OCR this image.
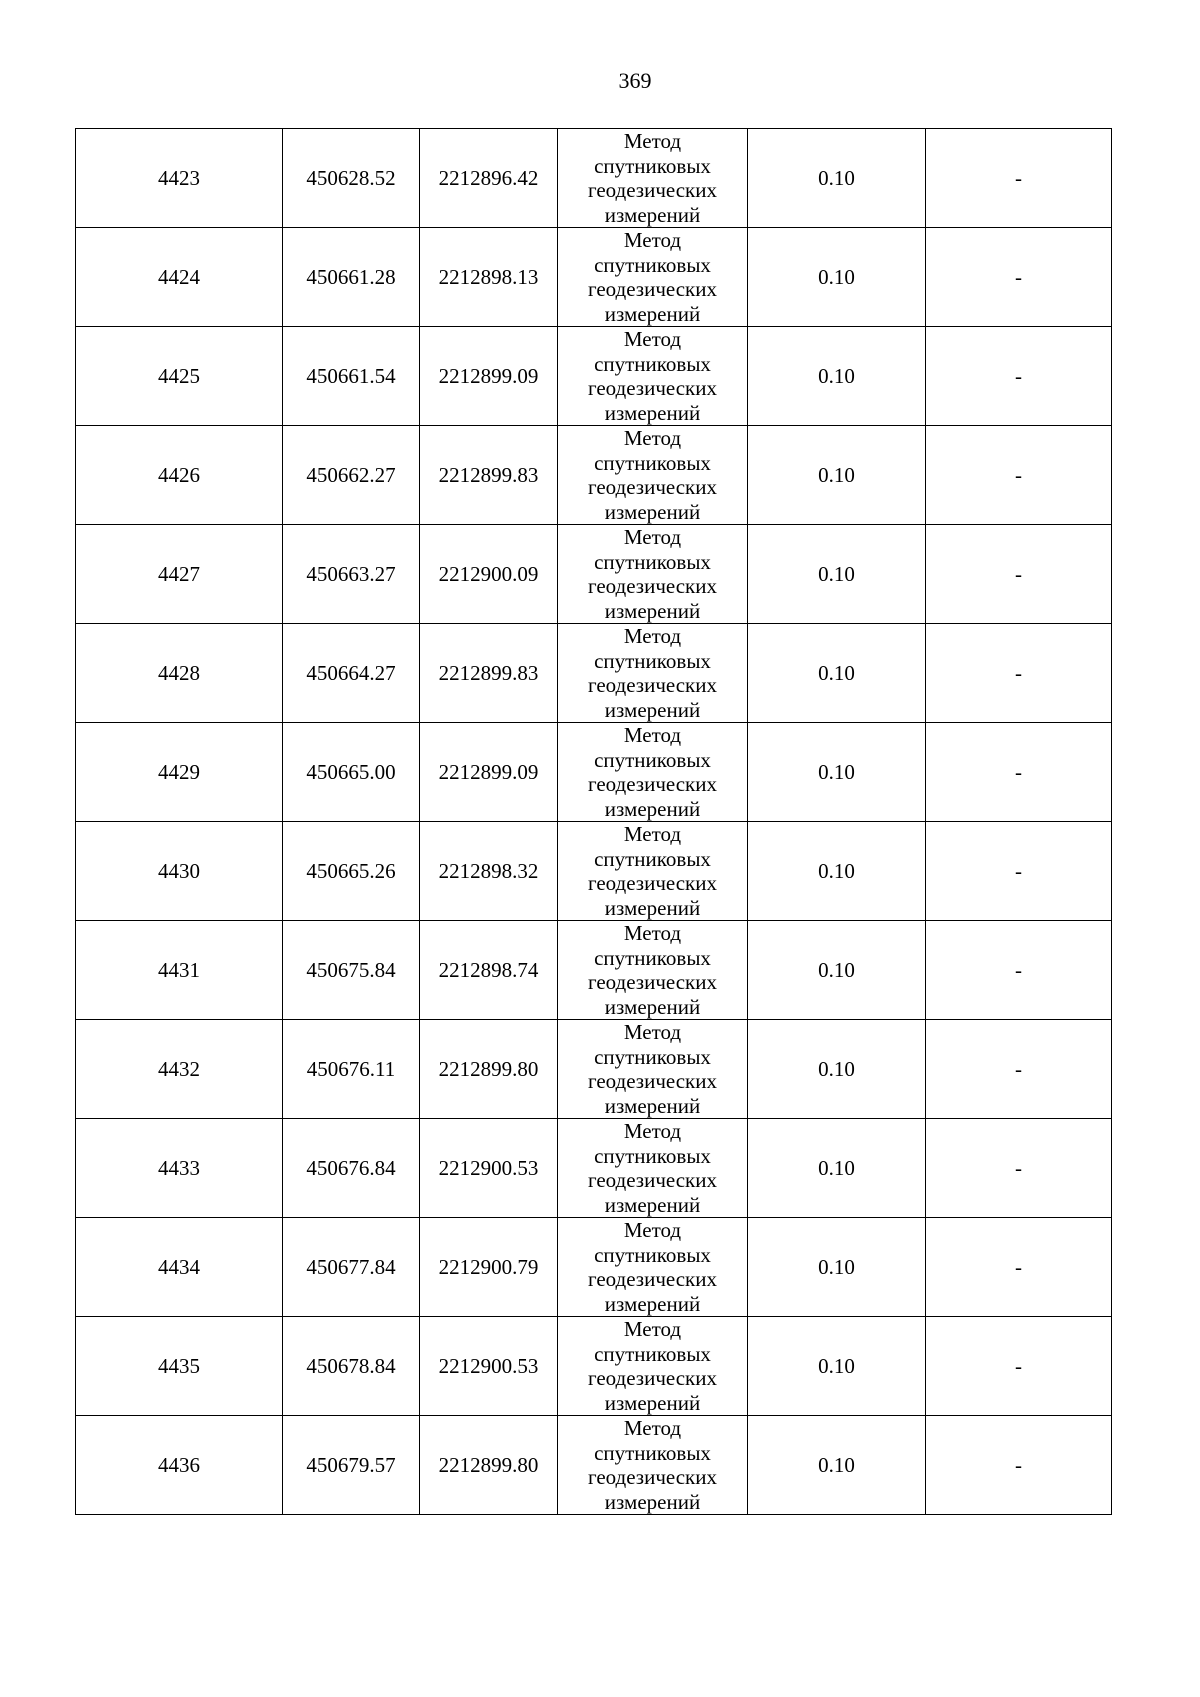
369
4423	450628.52	2212896.42	Метод
спутниковых
геодезических
измерений	0.10	-
4424	450661.28	2212898.13	Метод
спутниковых
геодезических
измерений	0.10	-
4425	450661.54	2212899.09	Метод
спутниковых
геодезических
измерений	0.10	-
4426	450662.27	2212899.83	Метод
спутниковых
геодезических
измерений	0.10	-
4427	450663.27	2212900.09	Метод
спутниковых
геодезических
измерений	0.10	-
4428	450664.27	2212899.83	Метод
спутниковых
геодезических
измерений	0.10	-
4429	450665.00	2212899.09	Метод
спутниковых
геодезических
измерений	0.10	-
4430	450665.26	2212898.32	Метод
спутниковых
геодезических
измерений	0.10	-
4431	450675.84	2212898.74	Метод
спутниковых
геодезических
измерений	0.10	-
4432	450676.11	2212899.80	Метод
спутниковых
геодезических
измерений	0.10	-
4433	450676.84	2212900.53	Метод
спутниковых
геодезических
измерений	0.10	-
4434	450677.84	2212900.79	Метод
спутниковых
геодезических
измерений	0.10	-
4435	450678.84	2212900.53	Метод
спутниковых
геодезических
измерений	0.10	-
4436	450679.57	2212899.80	Метод
спутниковых
геодезических
измерений	0.10	-
